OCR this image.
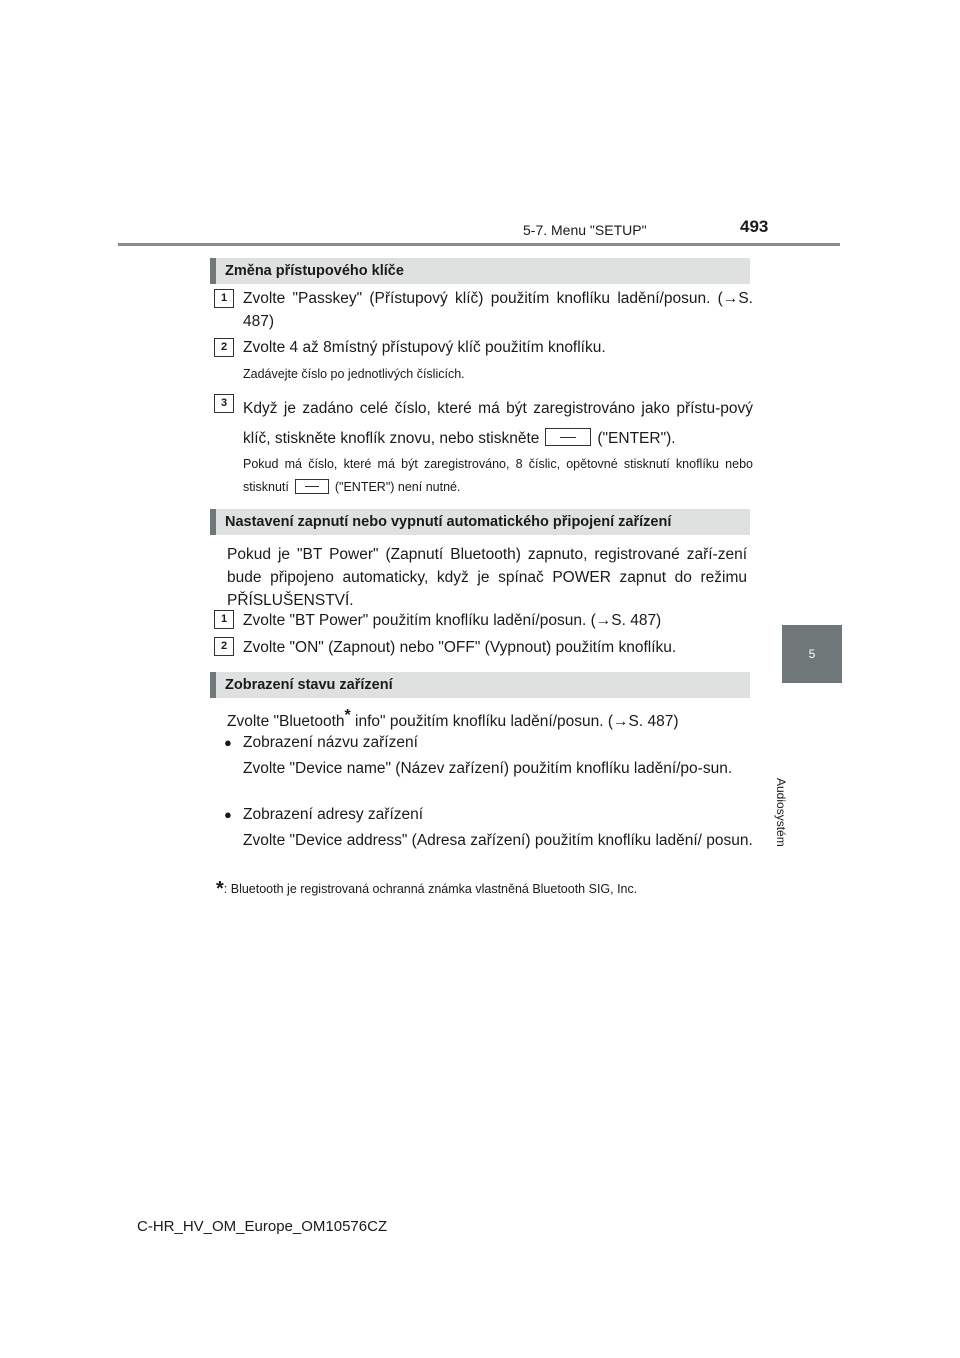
5-7. Menu "SETUP"	493
5
Audiosystém
Změna přístupového klíče
1	Zvolte "Passkey" (Přístupový klíč) použitím knoflíku ladění/posun. (→S. 487)
2	Zvolte 4 až 8místný přístupový klíč použitím knoflíku.
Zadávejte číslo po jednotlivých číslicích.
3	Když je zadáno celé číslo, které má být zaregistrováno jako přístu-pový klíč, stiskněte knoflík znovu, nebo stiskněte	("ENTER").
Pokud má číslo, které má být zaregistrováno, 8 číslic, opětovné stisknutí knoflíku nebo stisknutí	("ENTER") není nutné.
Nastavení zapnutí nebo vypnutí automatického připojení zařízení
Pokud je "BT Power" (Zapnutí Bluetooth) zapnuto, registrované zaří-zení bude připojeno automaticky, když je spínač POWER zapnut do režimu PŘÍSLUŠENSTVÍ.
1	Zvolte "BT Power" použitím knoflíku ladění/posun. (→S. 487)
2	Zvolte "ON" (Zapnout) nebo "OFF" (Vypnout) použitím knoflíku.
Zobrazení stavu zařízení
Zvolte "Bluetooth* info" použitím knoflíku ladění/posun. (→S. 487)
● Zobrazení názvu zařízení
Zvolte "Device name" (Název zařízení) použitím knoflíku ladění/po-sun.
● Zobrazení adresy zařízení
Zvolte "Device address" (Adresa zařízení) použitím knoflíku ladění/ posun.
*: Bluetooth je registrovaná ochranná známka vlastněná Bluetooth SIG, Inc.
C-HR_HV_OM_Europe_OM10576CZ
